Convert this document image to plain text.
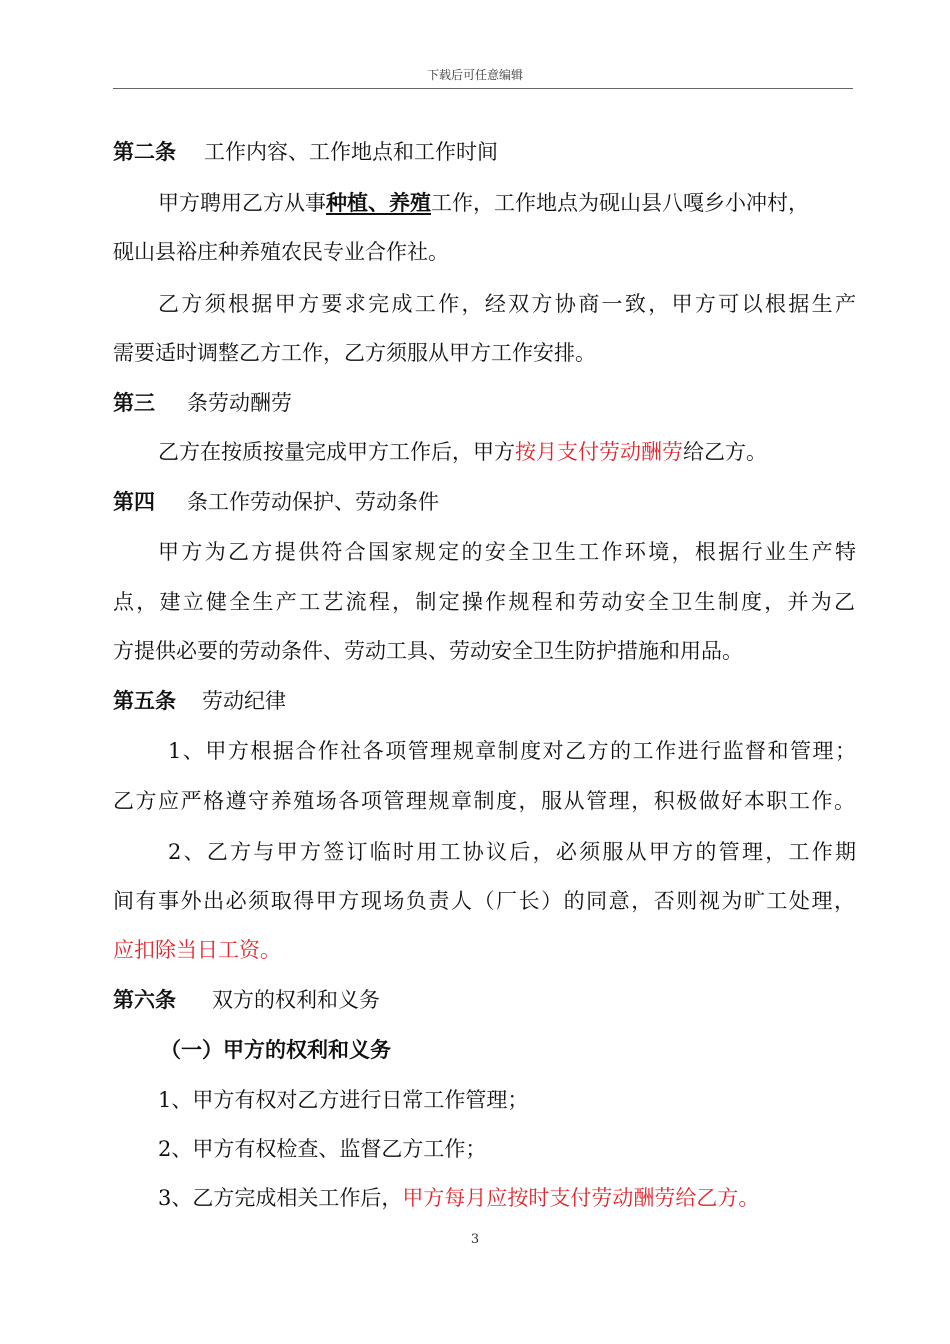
下载后可任意编辑
第二条 工作内容、工作地点和工作时间
甲方聘用乙方从事种植、养殖工作，工作地点为砚山县八嘎乡小冲村，
砚山县裕庄种养殖农民专业合作社。
乙方须根据甲方要求完成工作，经双方协商一致，甲方可以根据生产
需要适时调整乙方工作，乙方须服从甲方工作安排。
第三 条劳动酬劳
乙方在按质按量完成甲方工作后，甲方按月支付劳动酬劳给乙方。
第四 条工作劳动保护、劳动条件
甲方为乙方提供符合国家规定的安全卫生工作环境，根据行业生产特
点，建立健全生产工艺流程，制定操作规程和劳动安全卫生制度，并为乙
方提供必要的劳动条件、劳动工具、劳动安全卫生防护措施和用品。
第五条 劳动纪律
1、甲方根据合作社各项管理规章制度对乙方的工作进行监督和管理；
乙方应严格遵守养殖场各项管理规章制度，服从管理，积极做好本职工作。
2、乙方与甲方签订临时用工协议后，必须服从甲方的管理，工作期
间有事外出必须取得甲方现场负责人（厂长）的同意，否则视为旷工处理，
应扣除当日工资。
第六条 双方的权利和义务
（一）甲方的权利和义务
1、甲方有权对乙方进行日常工作管理；
2、甲方有权检查、监督乙方工作；
3、乙方完成相关工作后，甲方每月应按时支付劳动酬劳给乙方。
3
